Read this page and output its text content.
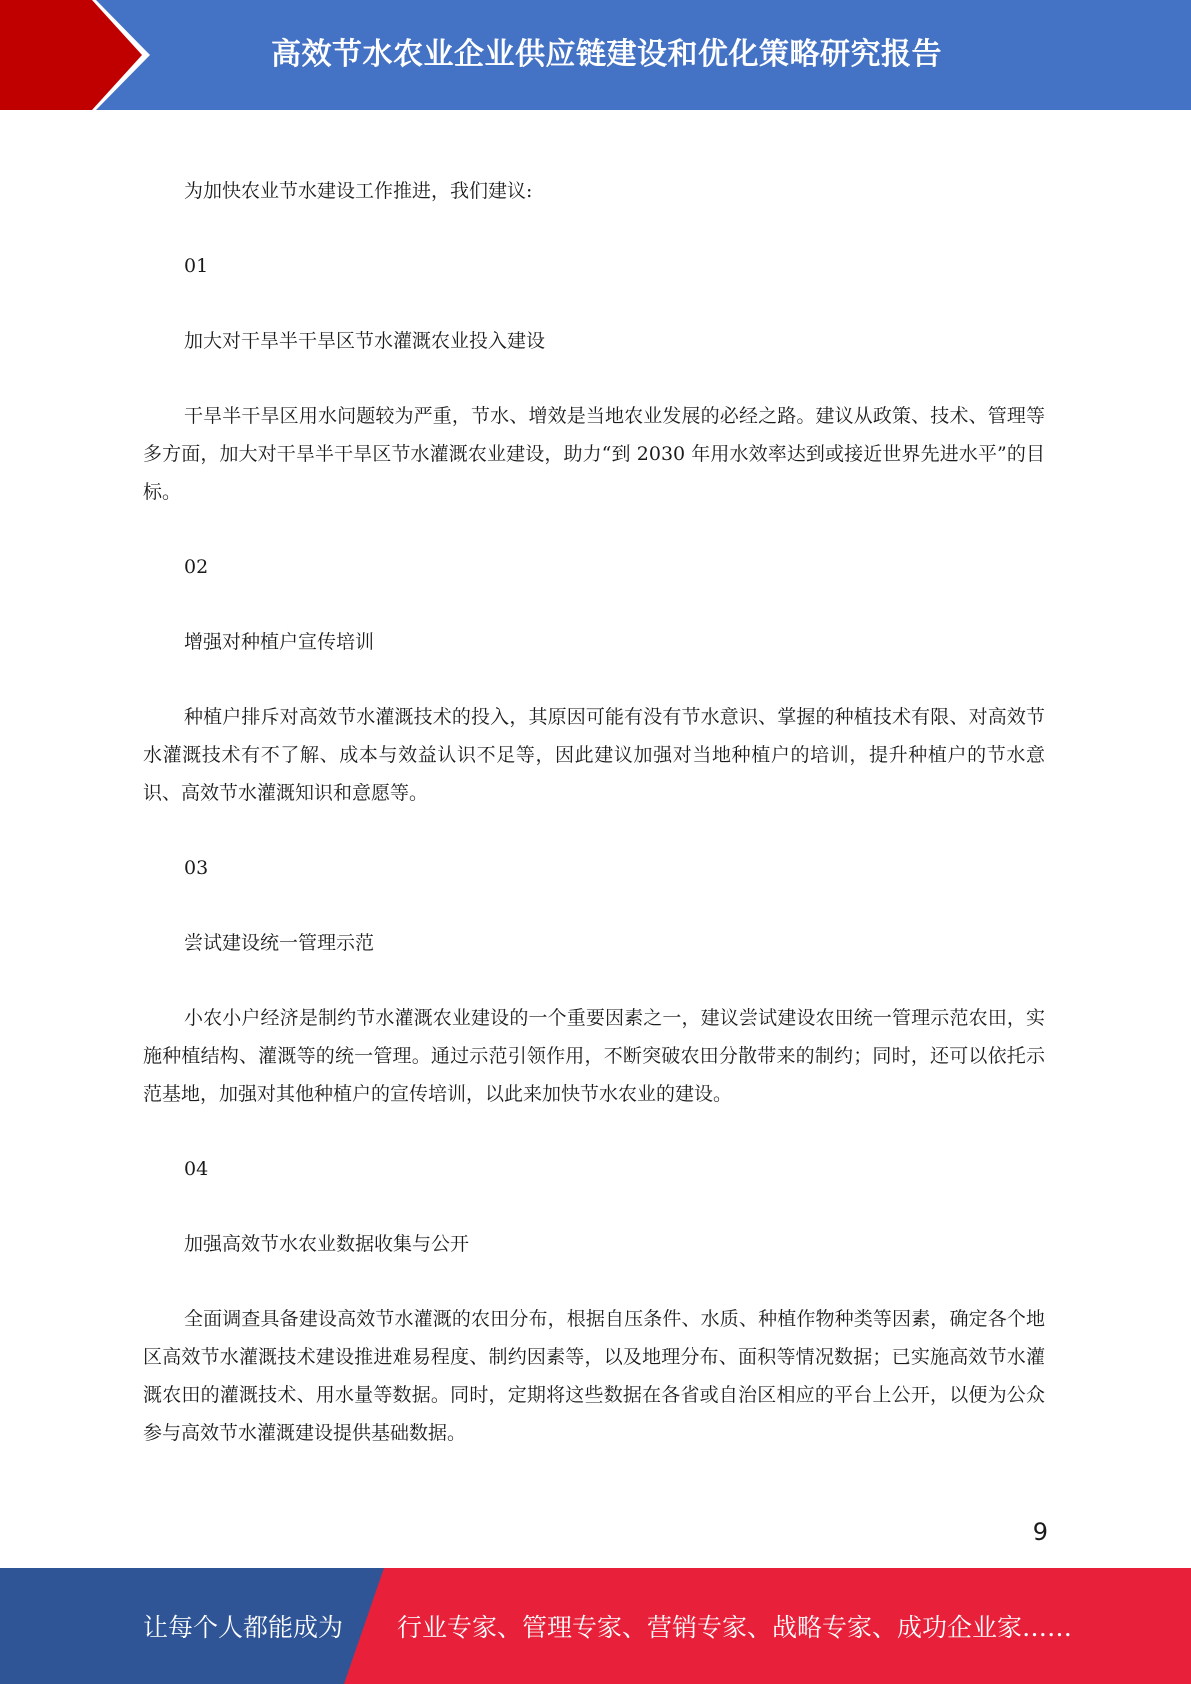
高效节水农业企业供应链建设和优化策略研究报告

为加快农业节水建设工作推进，我们建议:

01

加大对干旱半干旱区节水灌溉农业投入建设

干旱半干旱区用水问题较为严重，节水、增效是当地农业发展的必经之路。建议从政策、技术、管理等多方面，加大对干旱半干旱区节水灌溉农业建设，助力“到 2030 年用水效率达到或接近世界先进水平”的目标。

02

增强对种植户宣传培训

种植户排斥对高效节水灌溉技术的投入，其原因可能有没有节水意识、掌握的种植技术有限、对高效节水灌溉技术有不了解、成本与效益认识不足等，因此建议加强对当地种植户的培训，提升种植户的节水意识、高效节水灌溉知识和意愿等。

03

尝试建设统一管理示范

小农小户经济是制约节水灌溉农业建设的一个重要因素之一，建议尝试建设农田统一管理示范农田，实施种植结构、灌溉等的统一管理。通过示范引领作用，不断突破农田分散带来的制约；同时，还可以依托示范基地，加强对其他种植户的宣传培训，以此来加快节水农业的建设。

04

加强高效节水农业数据收集与公开

全面调查具备建设高效节水灌溉的农田分布，根据自压条件、水质、种植作物种类等因素，确定各个地区高效节水灌溉技术建设推进难易程度、制约因素等，以及地理分布、面积等情况数据；已实施高效节水灌溉农田的灌溉技术、用水量等数据。同时，定期将这些数据在各省或自治区相应的平台上公开，以便为公众参与高效节水灌溉建设提供基础数据。

9
让每个人都能成为 行业专家、管理专家、营销专家、战略专家、成功企业家……
